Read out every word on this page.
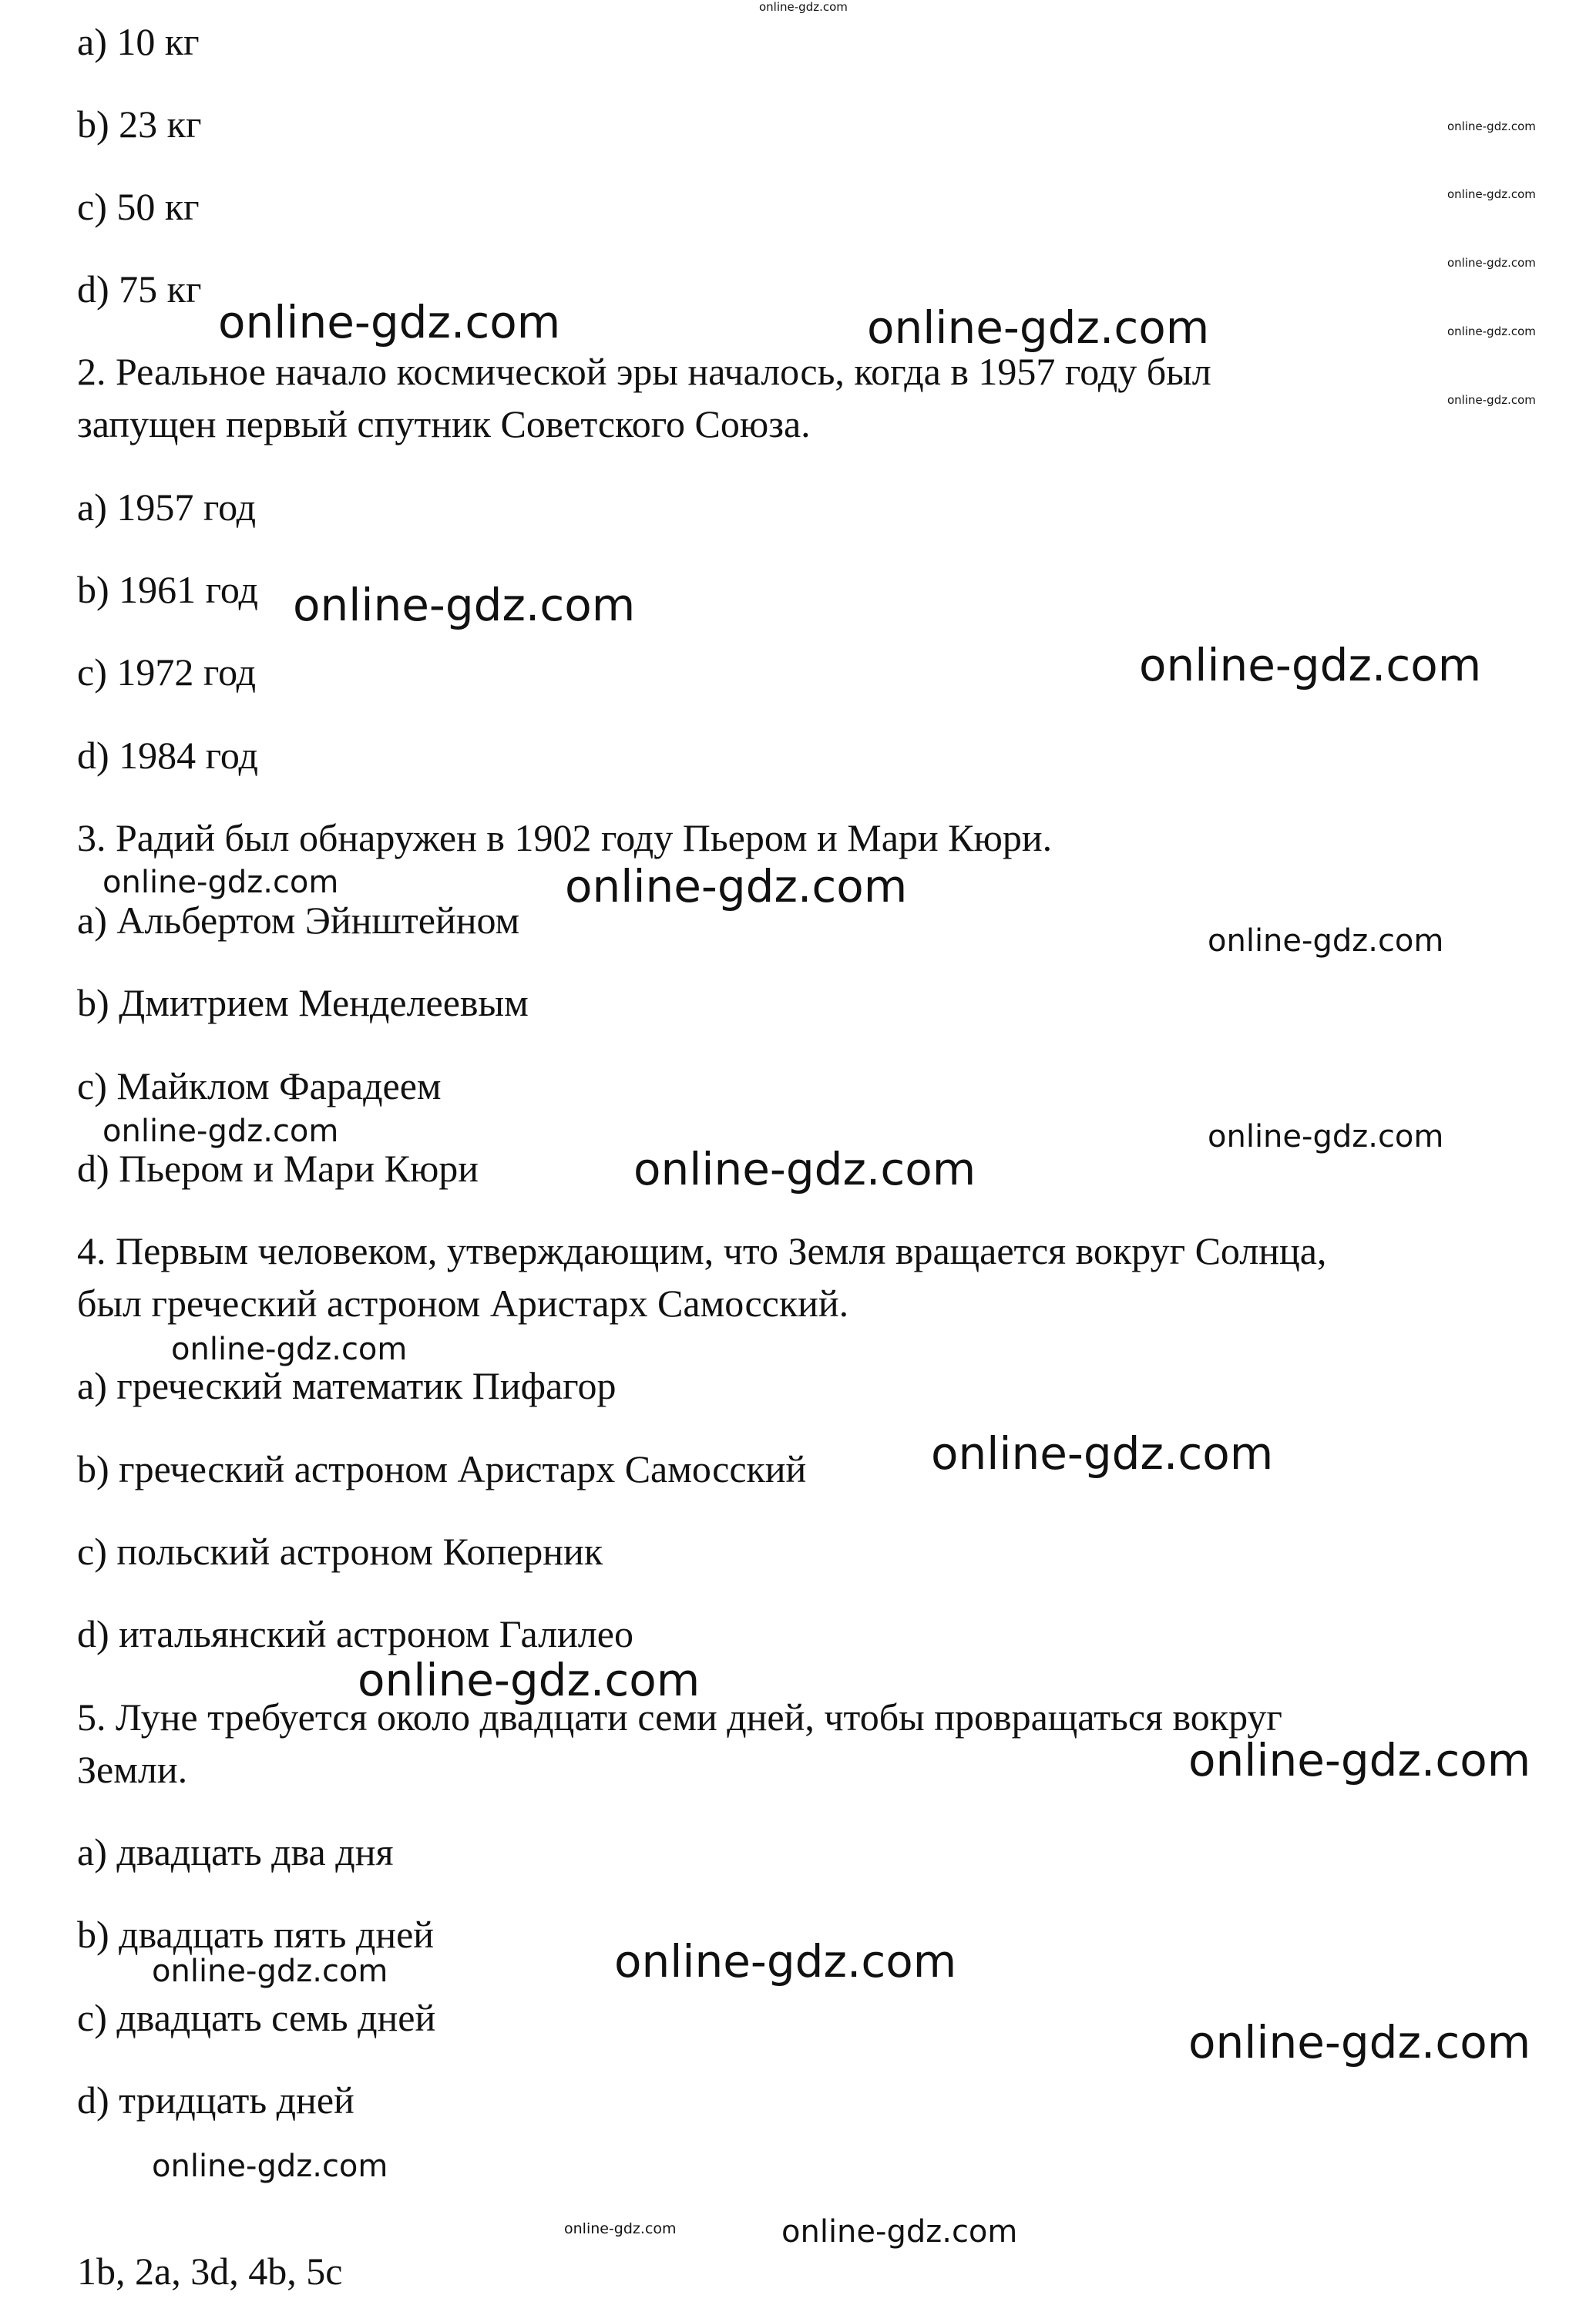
a) 10 кг

b) 23 кг

c) 50 кг

d) 75 кг

2. Реальное начало космической эры началось, когда в 1957 году был

запущен первый спутник Советского Союза.

a) 1957 год

b) 1961 год

c) 1972 год

d) 1984 год

3. Радий был обнаружен в 1902 году Пьером и Мари Кюри.

a) Альбертом Эйнштейном

b) Дмитрием Менделеевым

c) Майклом Фарадеем

d) Пьером и Мари Кюри

4. Первым человеком, утверждающим, что Земля вращается вокруг Солнца,

был греческий астроном Аристарх Самосский.

a) греческий математик Пифагор

b) греческий астроном Аристарх Самосский

c) польский астроном Коперник

d) итальянский астроном Галилео

5. Луне требуется около двадцати семи дней, чтобы провращаться вокруг

Земли.

a) двадцать два дня

b) двадцать пять дней

c) двадцать семь дней

d) тридцать дней

1b, 2a, 3d, 4b, 5c

online-gdz.com
online-gdz.com
online-gdz.com
online-gdz.com
online-gdz.com
online-gdz.com
online-gdz.com	online-gdz.com
online-gdz.com
online-gdz.com
online-gdz.com	online-gdz.com
online-gdz.com
online-gdz.com	online-gdz.com
online-gdz.com
online-gdz.com
online-gdz.com
online-gdz.com
online-gdz.com
online-gdz.com	online-gdz.com
online-gdz.com
online-gdz.com
online-gdz.com	online-gdz.com
